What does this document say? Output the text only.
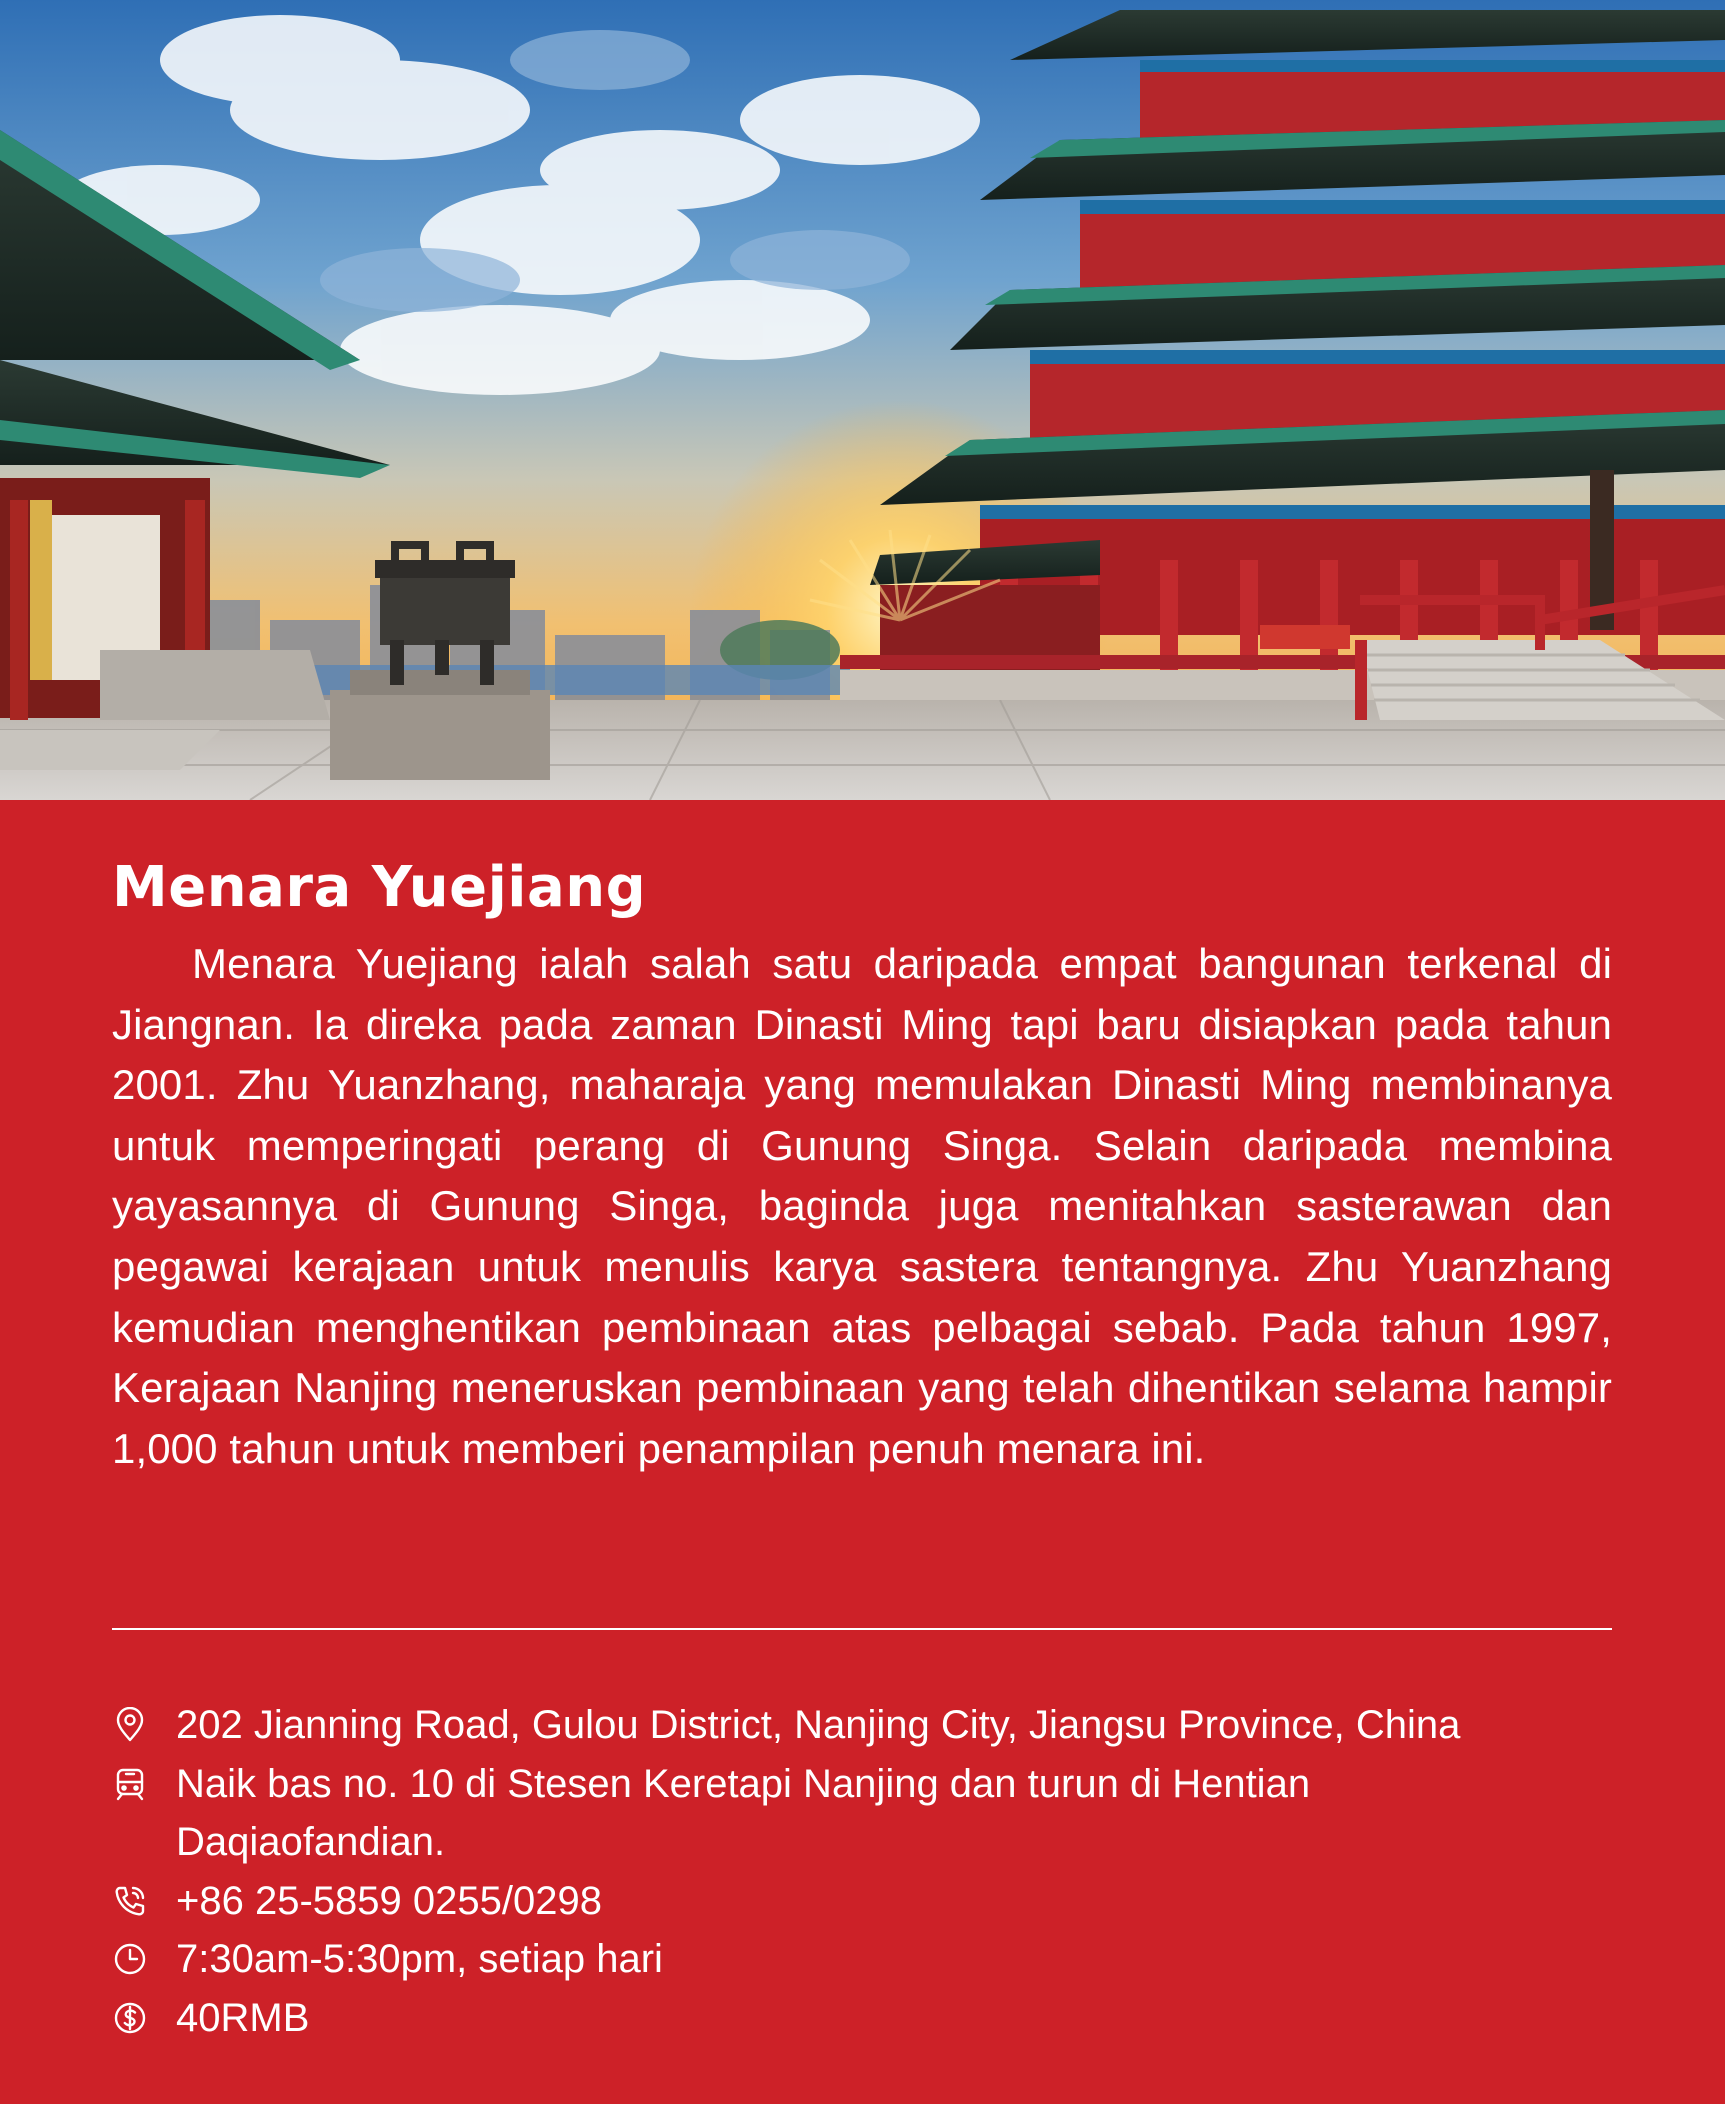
Menara Yuejiang

Menara Yuejiang ialah salah satu daripada empat bangunan terkenal di Jiangnan. Ia direka pada zaman Dinasti Ming tapi baru disiapkan pada tahun 2001. Zhu Yuanzhang, maharaja yang memulakan Dinasti Ming membinanya untuk memperingati perang di Gunung Singa. Selain daripada membina yayasannya di Gunung Singa, baginda juga menitahkan sasterawan dan pegawai kerajaan untuk menulis karya sastera tentangnya. Zhu Yuanzhang kemudian menghentikan pembinaan atas pelbagai sebab. Pada tahun 1997, Kerajaan Nanjing meneruskan pembinaan yang telah dihentikan selama hampir 1,000 tahun untuk memberi penampilan penuh menara ini.

202 Jianning Road, Gulou District, Nanjing City, Jiangsu Province, China
Naik bas no. 10 di Stesen Keretapi Nanjing dan turun di Hentian Daqiaofandian.
+86 25-5859 0255/0298
7:30am-5:30pm, setiap hari
40RMB
